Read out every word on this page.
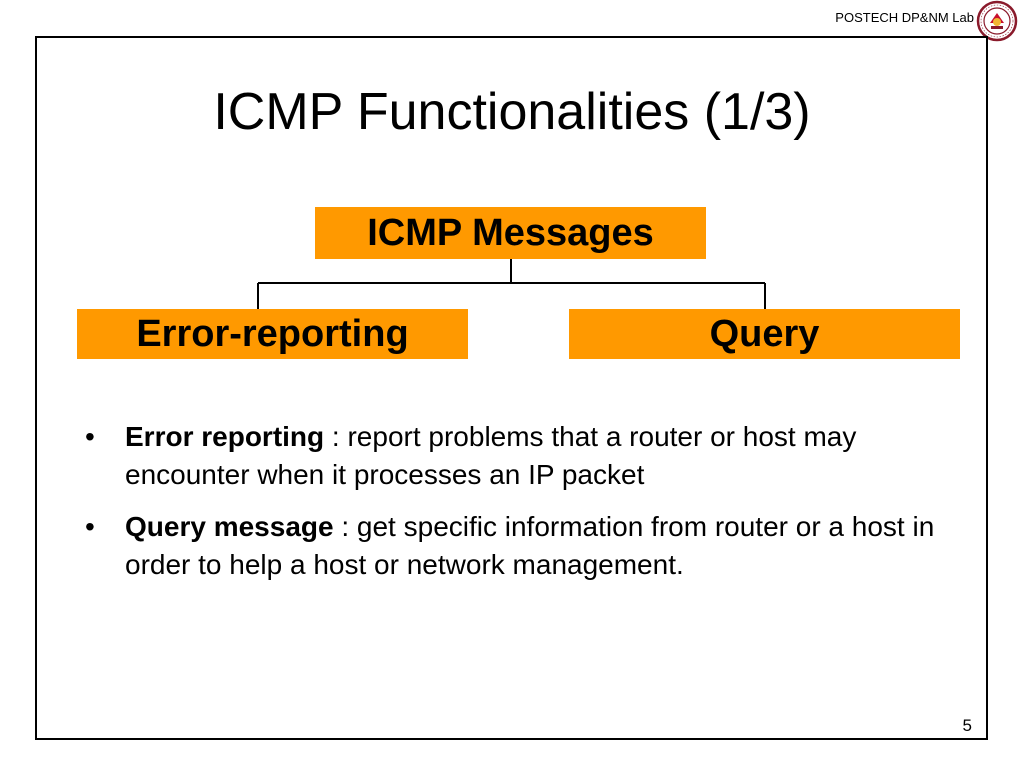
POSTECH DP&NM Lab
ICMP Functionalities (1/3)
ICMP Messages
Error-reporting	Query
• Error reporting : report problems that a router or host may encounter when it processes an IP packet
• Query message : get specific information from router or a host in order to help a host or network management.
5
